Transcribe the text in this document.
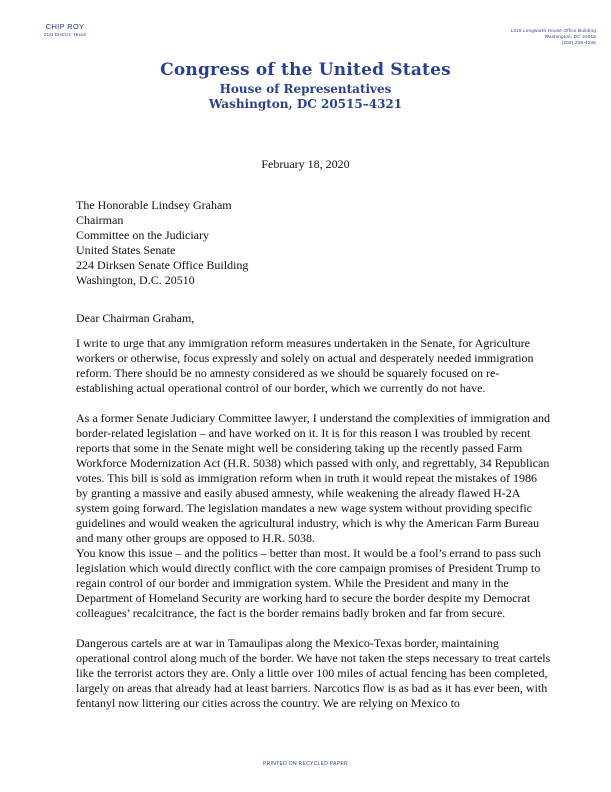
CHIP ROY
21st District, Texas
1319 Longworth House Office Building
Washington, DC 20515
(202) 225-4236
Congress of the United States
House of Representatives
Washington, DC 20515–4321
February 18, 2020
The Honorable Lindsey Graham
Chairman
Committee on the Judiciary
United States Senate
224 Dirksen Senate Office Building
Washington, D.C. 20510
Dear Chairman Graham,
I write to urge that any immigration reform measures undertaken in the Senate, for Agriculture workers or otherwise, focus expressly and solely on actual and desperately needed immigration reform. There should be no amnesty considered as we should be squarely focused on re-establishing actual operational control of our border, which we currently do not have.
As a former Senate Judiciary Committee lawyer, I understand the complexities of immigration and border-related legislation – and have worked on it. It is for this reason I was troubled by recent reports that some in the Senate might well be considering taking up the recently passed Farm Workforce Modernization Act (H.R. 5038) which passed with only, and regrettably, 34 Republican votes. This bill is sold as immigration reform when in truth it would repeat the mistakes of 1986 by granting a massive and easily abused amnesty, while weakening the already flawed H-2A system going forward. The legislation mandates a new wage system without providing specific guidelines and would weaken the agricultural industry, which is why the American Farm Bureau and many other groups are opposed to H.R. 5038.
You know this issue – and the politics – better than most. It would be a fool’s errand to pass such legislation which would directly conflict with the core campaign promises of President Trump to regain control of our border and immigration system. While the President and many in the Department of Homeland Security are working hard to secure the border despite my Democrat colleagues’ recalcitrance, the fact is the border remains badly broken and far from secure.
Dangerous cartels are at war in Tamaulipas along the Mexico-Texas border, maintaining operational control along much of the border. We have not taken the steps necessary to treat cartels like the terrorist actors they are. Only a little over 100 miles of actual fencing has been completed, largely on areas that already had at least barriers. Narcotics flow is as bad as it has ever been, with fentanyl now littering our cities across the country. We are relying on Mexico to
PRINTED ON RECYCLED PAPER
